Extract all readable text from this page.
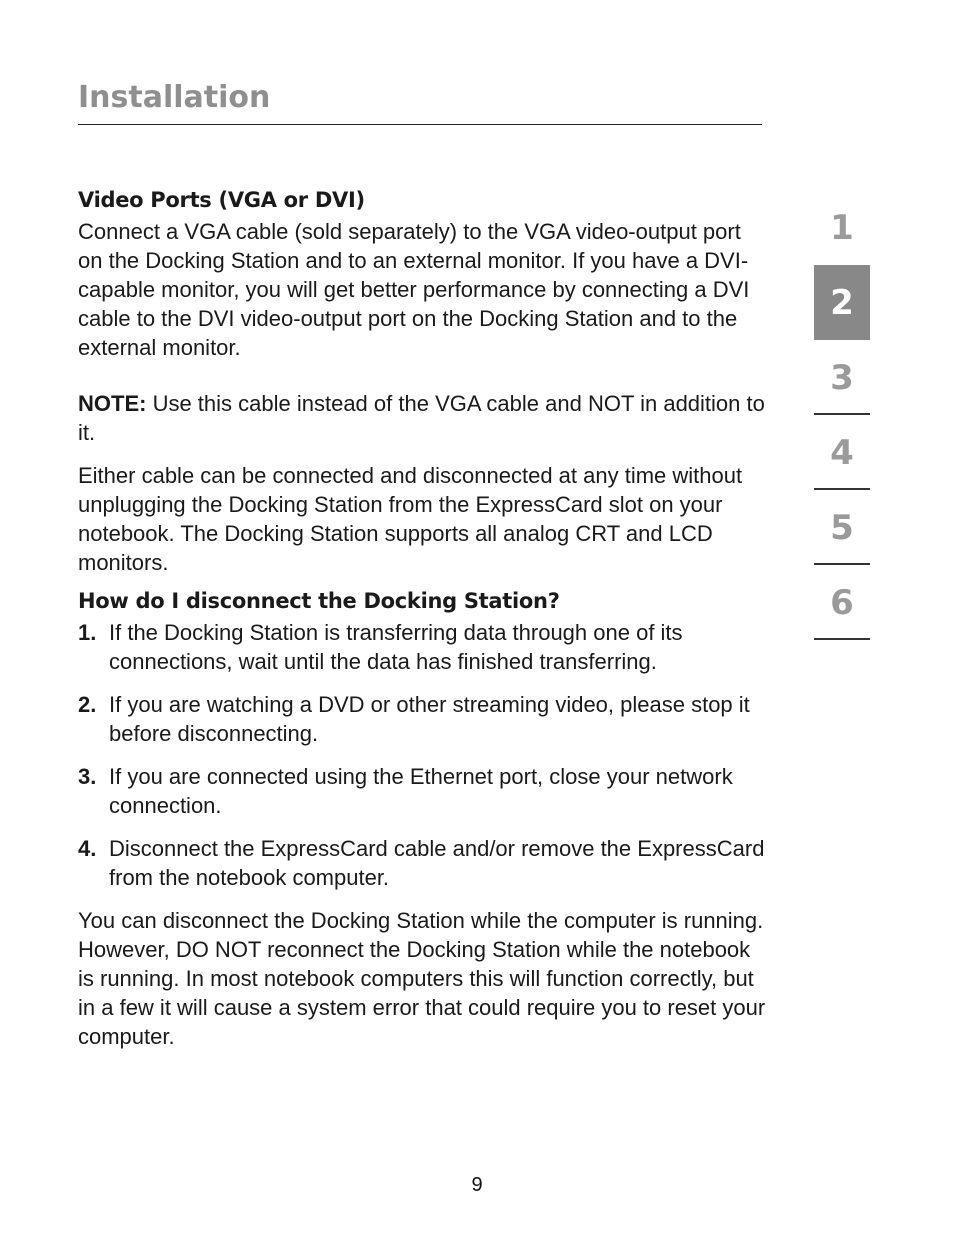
Installation
Video Ports (VGA or DVI)

Connect a VGA cable (sold separately) to the VGA video-output port on the Docking Station and to an external monitor. If you have a DVI-capable monitor, you will get better performance by connecting a DVI cable to the DVI video-output port on the Docking Station and to the external monitor.

NOTE: Use this cable instead of the VGA cable and NOT in addition to it.

Either cable can be connected and disconnected at any time without unplugging the Docking Station from the ExpressCard slot on your notebook. The Docking Station supports all analog CRT and LCD monitors.

How do I disconnect the Docking Station?
1. If the Docking Station is transferring data through one of its connections, wait until the data has finished transferring.
2. If you are watching a DVD or other streaming video, please stop it before disconnecting.
3. If you are connected using the Ethernet port, close your network connection.
4. Disconnect the ExpressCard cable and/or remove the ExpressCard from the notebook computer.

You can disconnect the Docking Station while the computer is running. However, DO NOT reconnect the Docking Station while the notebook is running. In most notebook computers this will function correctly, but in a few it will cause a system error that could require you to reset your computer.

1
2
3
4
5
6
9
